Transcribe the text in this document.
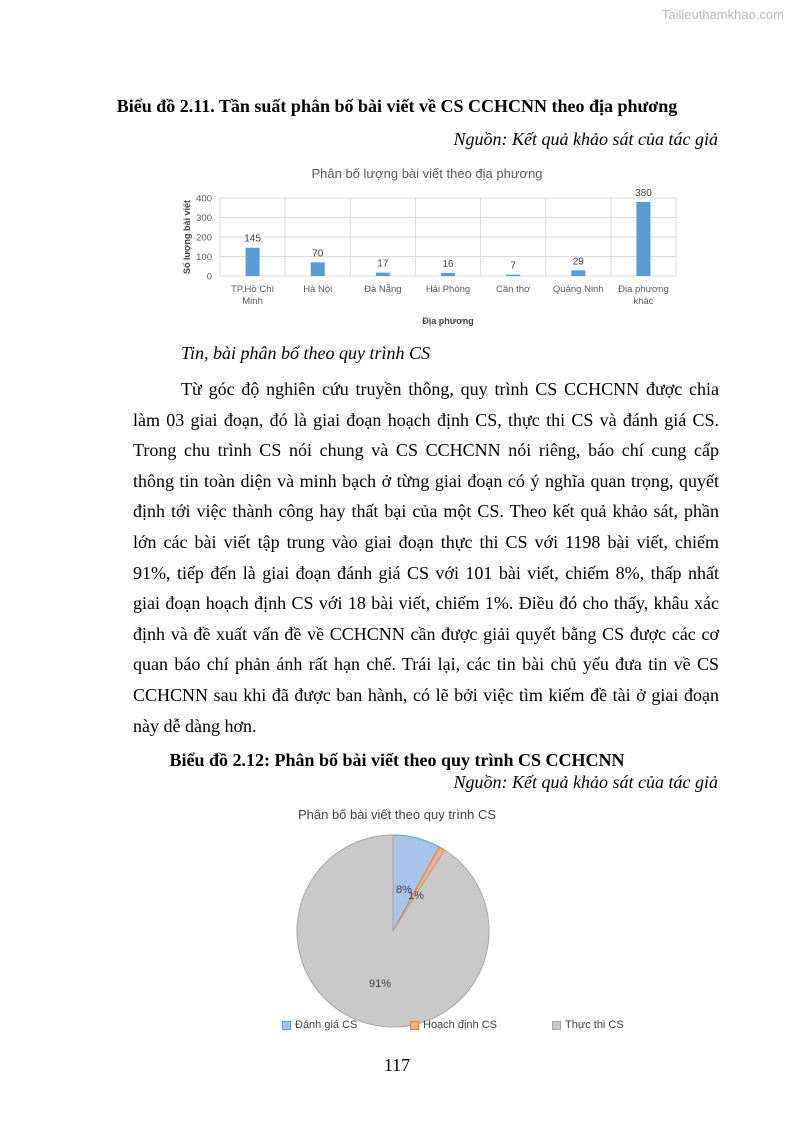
Tailieuthamkhao.com
Biểu đồ 2.11. Tần suất phân bố bài viết về CS CCHCNN theo địa phương
Nguồn: Kết quả khảo sát của tác giả
Phân bố lượng bài viết theo địa phương
0
100
200
300
400
145
TP.Hồ Chí
Minh
70
Hà Nội
17
Đà Nẵng
16
Hải Phòng
7
Cần thơ
29
Quảng Ninh
380
Địa phương
khác
Địa phương
Số lượng bài viết
Tin, bài phân bổ theo quy trình CS

Từ góc độ nghiên cứu truyền thông, quy trình CS CCHCNN được chia làm 03 giai đoạn, đó là giai đoạn hoạch định CS, thực thi CS và đánh giá CS. Trong chu trình CS nói chung và CS CCHCNN nói riêng, báo chí cung cấp thông tin toàn diện và minh bạch ở từng giai đoạn có ý nghĩa quan trọng, quyết định tới việc thành công hay thất bại của một CS. Theo kết quả khảo sát, phần lớn các bài viết tập trung vào giai đoạn thực thi CS với 1198 bài viết, chiếm 91%, tiếp đến là giai đoạn đánh giá CS với 101 bài viết, chiếm 8%, thấp nhất giai đoạn hoạch định CS với 18 bài viết, chiếm 1%. Điều đó cho thấy, khâu xác định và đề xuất vấn đề về CCHCNN cần được giải quyết bằng CS được các cơ quan báo chí phản ánh rất hạn chế. Trái lại, các tin bài chủ yếu đưa tin về CS CCHCNN sau khi đã được ban hành, có lẽ bởi việc tìm kiếm đề tài ở giai đoạn này dễ dàng hơn.

Biểu đồ 2.12: Phân bố bài viết theo quy trình CS CCHCNN
Nguồn: Kết quả khảo sát của tác giả
Phân bố bài viết theo quy trình CS
8%
1%
91%
Đánh giá CS	Hoạch định CS	Thực thi CS
117
